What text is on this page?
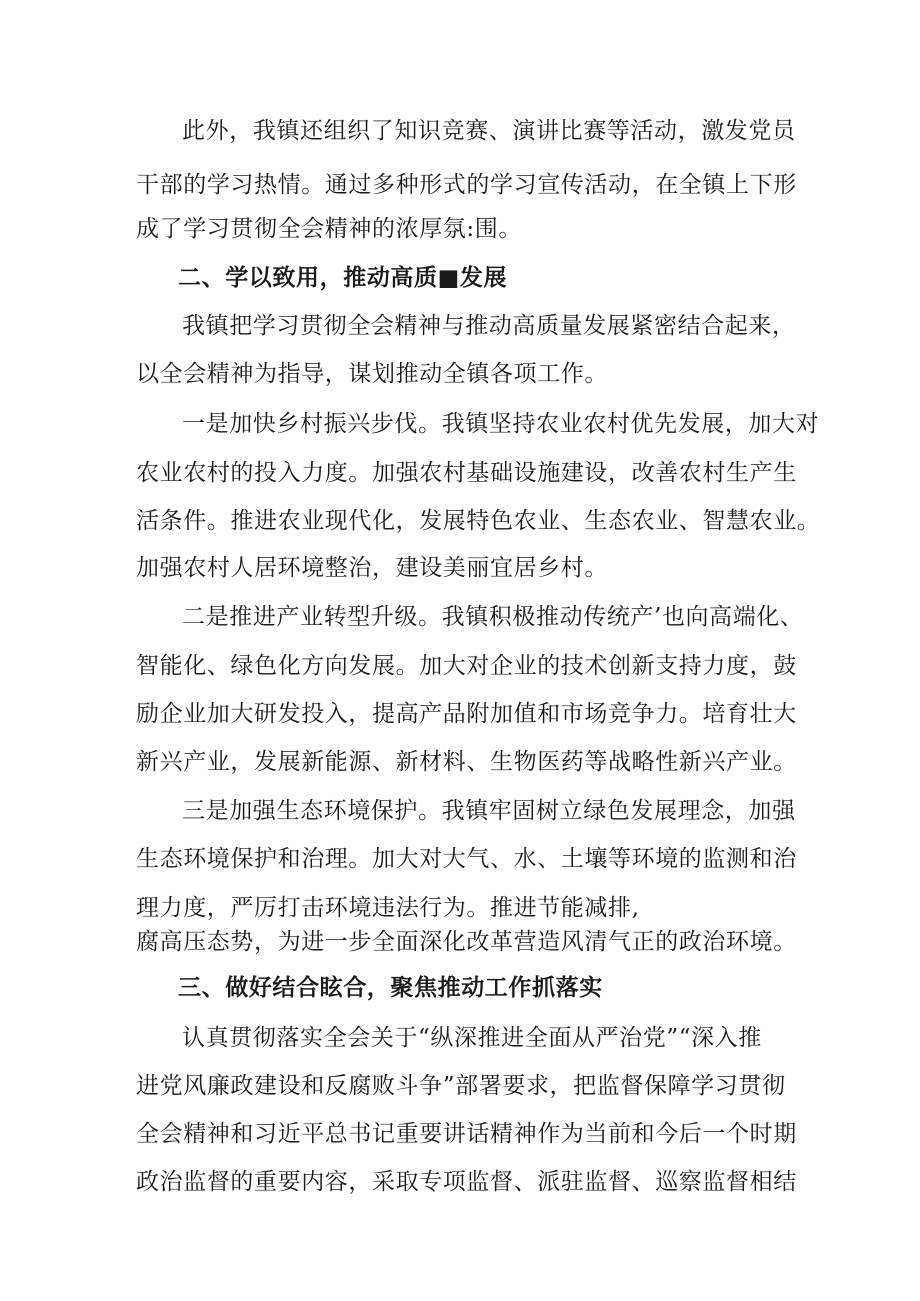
此外，我镇还组织了知识竞赛、演讲比赛等活动，激发党员
干部的学习热情。通过多种形式的学习宣传活动，在全镇上下形
成了学习贯彻全会精神的浓厚氛:围。
二、学以致用，推动高质■发展
我镇把学习贯彻全会精神与推动高质量发展紧密结合起来，
以全会精神为指导，谋划推动全镇各项工作。
一是加快乡村振兴步伐。我镇坚持农业农村优先发展，加大对
农业农村的投入力度。加强农村基础设施建设，改善农村生产生
活条件。推进农业现代化，发展特色农业、生态农业、智慧农业。
加强农村人居环境整治，建设美丽宜居乡村。
二是推进产业转型升级。我镇积极推动传统产’也向高端化、
智能化、绿色化方向发展。加大对企业的技术创新支持力度，鼓
励企业加大研发投入，提高产品附加值和市场竞争力。培育壮大
新兴产业，发展新能源、新材料、生物医药等战略性新兴产业。
三是加强生态环境保护。我镇牢固树立绿色发展理念，加强
生态环境保护和治理。加大对大气、水、土壤等环境的监测和治
理力度，严厉打击环境违法行为。推进节能减排,
腐高压态势，为进一步全面深化改革营造风清气正的政治环境。
三、做好结合眩合，聚焦推动工作抓落实
认真贯彻落实全会关于“纵深推进全面从严治党”“深入推
进党风廉政建设和反腐败斗争”部署要求，把监督保障学习贯彻
全会精神和习近平总书记重要讲话精神作为当前和今后一个时期
政治监督的重要内容，采取专项监督、派驻监督、巡察监督相结
